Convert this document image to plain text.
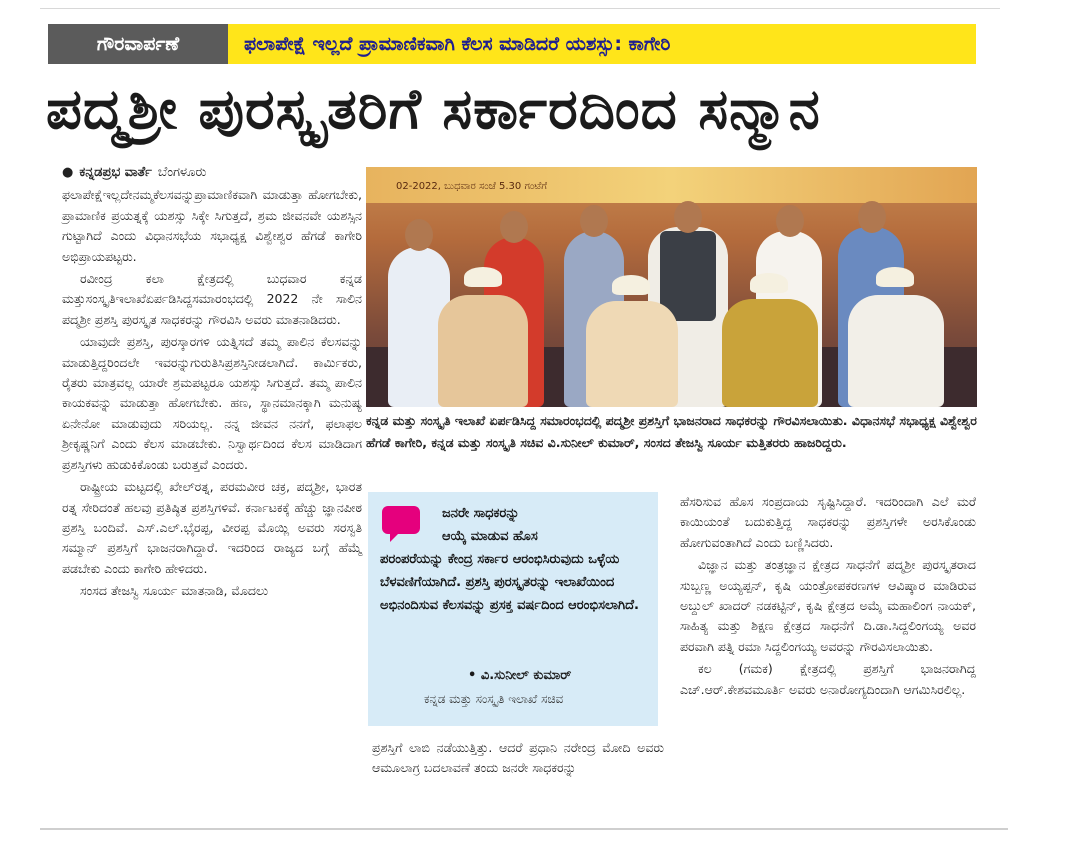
ಗೌರವಾರ್ಪಣೆ	ಫಲಾಪೇಕ್ಷೆ ಇಲ್ಲದೆ ಪ್ರಾಮಾಣಿಕವಾಗಿ ಕೆಲಸ ಮಾಡಿದರೆ ಯಶಸ್ಸು: ಕಾಗೇರಿ
ಪದ್ಮಶ್ರೀ ಪುರಸ್ಕೃತರಿಗೆ ಸರ್ಕಾರದಿಂದ ಸನ್ಮಾನ

● ಕನ್ನಡಪ್ರಭ ವಾರ್ತೆ ಬೆಂಗಳೂರು

ಫಲಾಪೇಕ್ಷೆಇಲ್ಲದೇನಮ್ಮಕೆಲಸವನ್ನುಪ್ರಾಮಾಣಿಕವಾಗಿ ಮಾಡುತ್ತಾ ಹೋಗಬೇಕು, ಪ್ರಾಮಾಣಿಕ ಪ್ರಯತ್ನಕ್ಕೆ ಯಶಸ್ಸು ಸಿಕ್ಕೇ ಸಿಗುತ್ತದೆ, ಶ್ರಮ ಜೀವನವೇ ಯಶಸ್ಸಿನ ಗುಟ್ಟಾಗಿದೆ ಎಂದು ವಿಧಾನಸಭೆಯ ಸಭಾಧ್ಯಕ್ಷ ವಿಶ್ವೇಶ್ವರ ಹೆಗಡೆ ಕಾಗೇರಿ ಅಭಿಪ್ರಾಯಪಟ್ಟರು.

ರವೀಂದ್ರ ಕಲಾ ಕ್ಷೇತ್ರದಲ್ಲಿ ಬುಧವಾರ ಕನ್ನಡ ಮತ್ತುಸಂಸ್ಕೃತಿಇಲಾಖೆಏರ್ಪಡಿಸಿದ್ದಸಮಾರಂಭದಲ್ಲಿ 2022 ನೇ ಸಾಲಿನ ಪದ್ಮಶ್ರೀ ಪ್ರಶಸ್ತಿ ಪುರಸ್ಕೃತ ಸಾಧಕರನ್ನು ಗೌರವಿಸಿ ಅವರು ಮಾತನಾಡಿದರು.

ಯಾವುದೇ ಪ್ರಶಸ್ತಿ, ಪುರಸ್ಕಾರಗಳಿ ಯತ್ನಿಸದೆ ತಮ್ಮ ಪಾಲಿನ ಕೆಲಸವನ್ನು ಮಾಡುತ್ತಿದ್ದರಿಂದಲೇ ಇವರನ್ನುಗುರುತಿಸಿಪ್ರಶಸ್ತಿನೀಡಲಾಗಿದೆ. ಕಾರ್ಮಿಕರು, ರೈತರು ಮಾತ್ರವಲ್ಲ ಯಾರೇ ಶ್ರಮಪಟ್ಟರೂ ಯಶಸ್ಸು ಸಿಗುತ್ತದೆ. ತಮ್ಮ ಪಾಲಿನ ಕಾಯಕವನ್ನು ಮಾಡುತ್ತಾ ಹೋಗಬೇಕು. ಹಣ, ಸ್ಥಾನಮಾನಕ್ಕಾಗಿ ಮನುಷ್ಯ ಏನೇನೋ ಮಾಡುವುದು ಸರಿಯಲ್ಲ. ನನ್ನ ಜೀವನ ನನಗೆ, ಫಲಾಫಲ ಶ್ರೀಕೃಷ್ಣನಿಗೆ ಎಂದು ಕೆಲಸ ಮಾಡಬೇಕು. ನಿಸ್ವಾರ್ಥದಿಂದ ಕೆಲಸ ಮಾಡಿದಾಗ ಪ್ರಶಸ್ತಿಗಳು ಹುಡುಕಿಕೊಂಡು ಬರುತ್ತವೆ ಎಂದರು.

ರಾಷ್ಟ್ರೀಯ ಮಟ್ಟದಲ್ಲಿ ಖೇಲ್‌ರತ್ನ, ಪರಮವೀರ ಚಕ್ರ, ಪದ್ಮಶ್ರೀ, ಭಾರತ ರತ್ನ ಸೇರಿದಂತೆ ಹಲವು ಪ್ರತಿಷ್ಠಿತ ಪ್ರಶಸ್ತಿಗಳಿವೆ. ಕರ್ನಾಟಕಕ್ಕೆ ಹೆಚ್ಚು ಜ್ಞಾನಪೀಠ ಪ್ರಶಸ್ತಿ ಬಂದಿವೆ. ಎಸ್.ಎಲ್.ಭೈರಪ್ಪ, ವೀರಪ್ಪ ಮೊಯ್ಲಿ ಅವರು ಸರಸ್ವತಿ ಸಮ್ಮಾನ್ ಪ್ರಶಸ್ತಿಗೆ ಭಾಜನರಾಗಿದ್ದಾರೆ. ಇದರಿಂದ ರಾಜ್ಯದ ಬಗ್ಗೆ ಹೆಮ್ಮೆ ಪಡಬೇಕು ಎಂದು ಕಾಗೇರಿ ಹೇಳಿದರು.

ಸಂಸದ ತೇಜಸ್ವಿ ಸೂರ್ಯ ಮಾತನಾಡಿ, ಮೊದಲು

02-2022, ಬುಧವಾರ ಸಂಜೆ 5.30 ಗಂಟೆಗೆ
ಕನ್ನಡ ಮತ್ತು ಸಂಸ್ಕೃತಿ ಇಲಾಖೆ ಏರ್ಪಡಿಸಿದ್ದ ಸಮಾರಂಭದಲ್ಲಿ ಪದ್ಮಶ್ರೀ ಪ್ರಶಸ್ತಿಗೆ ಭಾಜನರಾದ ಸಾಧಕರನ್ನು ಗೌರವಿಸಲಾಯಿತು. ವಿಧಾನಸಭೆ ಸಭಾಧ್ಯಕ್ಷ ವಿಶ್ವೇಶ್ವರ ಹೆಗಡೆ ಕಾಗೇರಿ, ಕನ್ನಡ ಮತ್ತು ಸಂಸ್ಕೃತಿ ಸಚಿವ ವಿ.ಸುನೀಲ್ ಕುಮಾರ್, ಸಂಸದ ತೇಜಸ್ವಿ ಸೂರ್ಯ ಮತ್ತಿತರರು ಹಾಜರಿದ್ದರು.
ಜನರೇ ಸಾಧಕರನ್ನು
ಆಯ್ಕೆ ಮಾಡುವ ಹೊಸ
ಪರಂಪರೆಯನ್ನು ಕೇಂದ್ರ ಸರ್ಕಾರ ಆರಂಭಿಸಿರುವುದು ಒಳ್ಳೆಯ ಬೆಳವಣಿಗೆಯಾಗಿದೆ. ಪ್ರಶಸ್ತಿ ಪುರಸ್ಕೃತರನ್ನು ಇಲಾಖೆಯಿಂದ ಅಭಿನಂದಿಸುವ ಕೆಲಸವನ್ನು ಪ್ರಸಕ್ತ ವರ್ಷದಿಂದ ಆರಂಭಿಸಲಾಗಿದೆ.
• ವಿ.ಸುನೀಲ್ ಕುಮಾರ್
ಕನ್ನಡ ಮತ್ತು ಸಂಸ್ಕೃತಿ ಇಲಾಖೆ ಸಚಿವ

ಪ್ರಶಸ್ತಿಗೆ ಲಾಬಿ ನಡೆಯುತ್ತಿತ್ತು. ಆದರೆ ಪ್ರಧಾನಿ ನರೇಂದ್ರ ಮೋದಿ ಅವರು ಆಮೂಲಾಗ್ರ ಬದಲಾವಣೆ ತಂದು ಜನರೇ ಸಾಧಕರನ್ನು

ಹೆಸರಿಸುವ ಹೊಸ ಸಂಪ್ರದಾಯ ಸೃಷ್ಟಿಸಿದ್ದಾರೆ. ಇದರಿಂದಾಗಿ ಎಲೆ ಮರೆ ಕಾಯಿಯಂತೆ ಬದುಕುತ್ತಿದ್ದ ಸಾಧಕರನ್ನು ಪ್ರಶಸ್ತಿಗಳೇ ಅರಸಿಕೊಂಡು ಹೋಗುವಂತಾಗಿದೆ ಎಂದು ಬಣ್ಣಿಸಿದರು.

ವಿಜ್ಞಾನ ಮತ್ತು ತಂತ್ರಜ್ಞಾನ ಕ್ಷೇತ್ರದ ಸಾಧನೆಗೆ ಪದ್ಮಶ್ರೀ ಪುರಸ್ಕೃತರಾದ ಸುಬ್ಬಣ್ಣ ಅಯ್ಯಪ್ಪನ್, ಕೃಷಿ ಯಂತ್ರೋಪಕರಣಗಳ ಆವಿಷ್ಕಾರ ಮಾಡಿರುವ ಅಬ್ದುಲ್ ಖಾದರ್ ನಡಕಟ್ಟಿನ್, ಕೃಷಿ ಕ್ಷೇತ್ರದ ಅಮೈ ಮಹಾಲಿಂಗ ನಾಯಕ್, ಸಾಹಿತ್ಯ ಮತ್ತು ಶಿಕ್ಷಣ ಕ್ಷೇತ್ರದ ಸಾಧನೆಗೆ ದಿ.ಡಾ.ಸಿದ್ದಲಿಂಗಯ್ಯ ಅವರ ಪರವಾಗಿ ಪತ್ನಿ ರಮಾ ಸಿದ್ದಲಿಂಗಯ್ಯ ಅವರನ್ನು ಗೌರವಿಸಲಾಯಿತು.

ಕಲ (ಗಮಕ) ಕ್ಷೇತ್ರದಲ್ಲಿ ಪ್ರಶಸ್ತಿಗೆ ಭಾಜನರಾಗಿದ್ದ ಎಚ್.ಆರ್.ಕೇಶವಮೂರ್ತಿ ಅವರು ಅನಾರೋಗ್ಯದಿಂದಾಗಿ ಆಗಮಿಸಿರಲಿಲ್ಲ.
